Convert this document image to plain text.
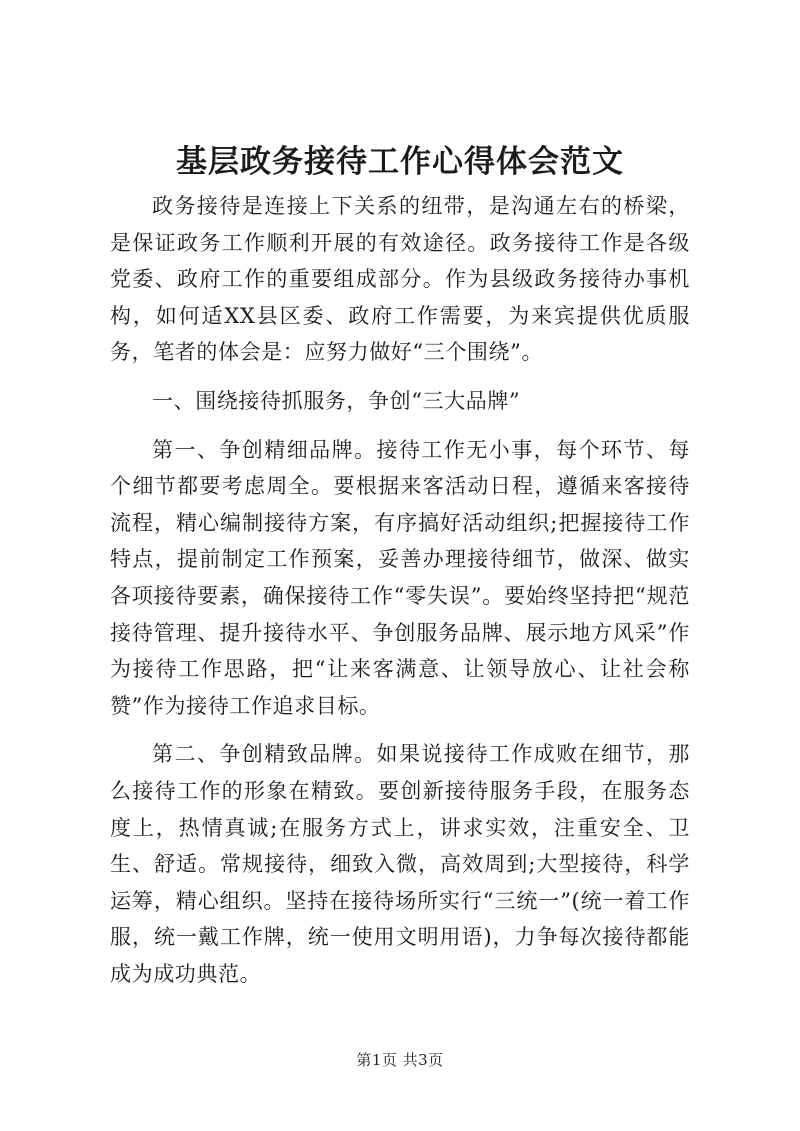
基层政务接待工作心得体会范文

政务接待是连接上下关系的纽带，是沟通左右的桥梁，是保证政务工作顺利开展的有效途径。政务接待工作是各级党委、政府工作的重要组成部分。作为县级政务接待办事机构，如何适XX县区委、政府工作需要，为来宾提供优质服务，笔者的体会是：应努力做好“三个围绕”。

一、围绕接待抓服务，争创“三大品牌”

第一、争创精细品牌。接待工作无小事，每个环节、每个细节都要考虑周全。要根据来客活动日程，遵循来客接待流程，精心编制接待方案，有序搞好活动组织;把握接待工作特点，提前制定工作预案，妥善办理接待细节，做深、做实各项接待要素，确保接待工作“零失误”。要始终坚持把“规范接待管理、提升接待水平、争创服务品牌、展示地方风采”作为接待工作思路，把“让来客满意、让领导放心、让社会称赞”作为接待工作追求目标。

第二、争创精致品牌。如果说接待工作成败在细节，那么接待工作的形象在精致。要创新接待服务手段，在服务态度上，热情真诚;在服务方式上，讲求实效，注重安全、卫生、舒适。常规接待，细致入微，高效周到;大型接待，科学运筹，精心组织。坚持在接待场所实行“三统一”(统一着工作服，统一戴工作牌，统一使用文明用语)，力争每次接待都能成为成功典范。

第1页 共3页
